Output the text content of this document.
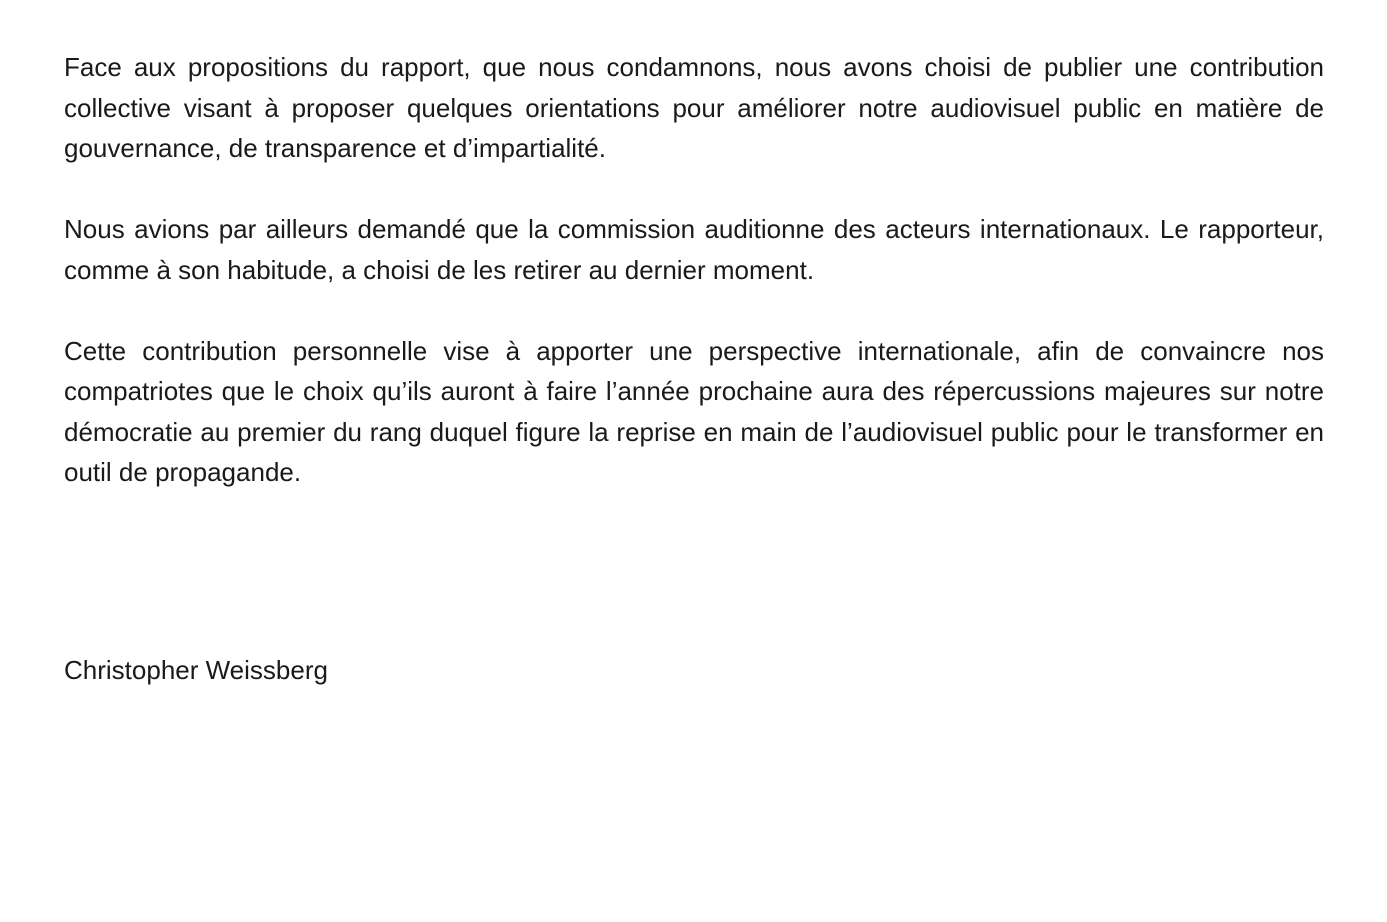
Face aux propositions du rapport, que nous condamnons, nous avons choisi de publier une contribution collective visant à proposer quelques orientations pour améliorer notre audiovisuel public en matière de gouvernance, de transparence et d’impartialité.

Nous avions par ailleurs demandé que la commission auditionne des acteurs internationaux. Le rapporteur, comme à son habitude, a choisi de les retirer au dernier moment.

Cette contribution personnelle vise à apporter une perspective internationale, afin de convaincre nos compatriotes que le choix qu’ils auront à faire l’année prochaine aura des répercussions majeures sur notre démocratie au premier du rang duquel figure la reprise en main de l’audiovisuel public pour le transformer en outil de propagande.

Christopher Weissberg
